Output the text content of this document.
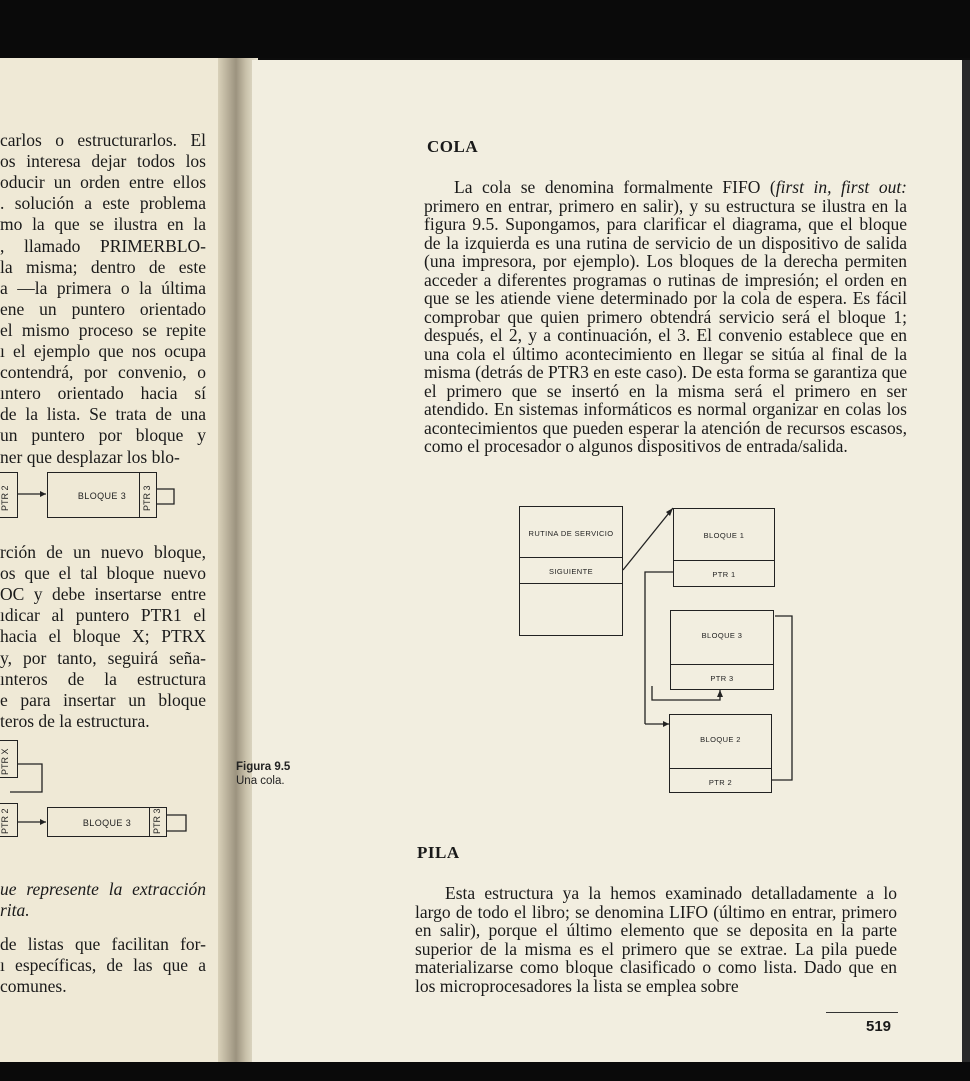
carlos o estructurarlos. El
os interesa dejar todos los
oducir un orden entre ellos
. solución a este problema
mo la que se ilustra en la
, llamado PRIMERBLO-
la misma; dentro de este
a —la primera o la última
ene un puntero orientado
el mismo proceso se repite
ı el ejemplo que nos ocupa
contendrá, por convenio, o
ıntero orientado hacia sí
de la lista. Se trata de una
un puntero por bloque y
ner que desplazar los blo-
PTR 2	BLOQUE 3	PTR 3
rción de un nuevo bloque,
os que el tal bloque nuevo
OC y debe insertarse entre
ıdicar al puntero PTR1 el
hacia el bloque X; PTRX
y, por tanto, seguirá seña-
ınteros de la estructura
e para insertar un bloque
teros de la estructura.
PTR X
PTR 2	BLOQUE 3	PTR 3
ue represente la extracción
rita.
de listas que facilitan for-
ı específicas, de las que a
comunes.
COLA
La cola se denomina formalmente FIFO (first in, first out: primero en entrar, primero en salir), y su estructura se ilustra en la figura 9.5. Supongamos, para clarificar el diagrama, que el bloque de la izquierda es una rutina de servicio de un dispositivo de salida (una impresora, por ejemplo). Los bloques de la derecha permiten acceder a diferentes programas o rutinas de impresión; el orden en que se les atiende viene determinado por la cola de espera. Es fácil comprobar que quien primero obtendrá servicio será el bloque 1; después, el 2, y a continuación, el 3. El convenio establece que en una cola el último acontecimiento en llegar se sitúa al final de la misma (detrás de PTR3 en este caso). De esta forma se garantiza que el primero que se insertó en la misma será el primero en ser atendido. En sistemas informáticos es normal organizar en colas los acontecimientos que pueden esperar la atención de recursos escasos, como el procesador o algunos dispositivos de entrada/salida.
RUTINA DE SERVICIO
SIGUIENTE
BLOQUE 1
PTR 1
BLOQUE 3
PTR 3
BLOQUE 2
PTR 2
Figura 9.5
Una cola.
PILA
Esta estructura ya la hemos examinado detalladamente a lo largo de todo el libro; se denomina LIFO (último en entrar, primero en salir), porque el último elemento que se deposita en la parte superior de la misma es el primero que se extrae. La pila puede materializarse como bloque clasificado o como lista. Dado que en los microprocesadores la lista se emplea sobre
519
